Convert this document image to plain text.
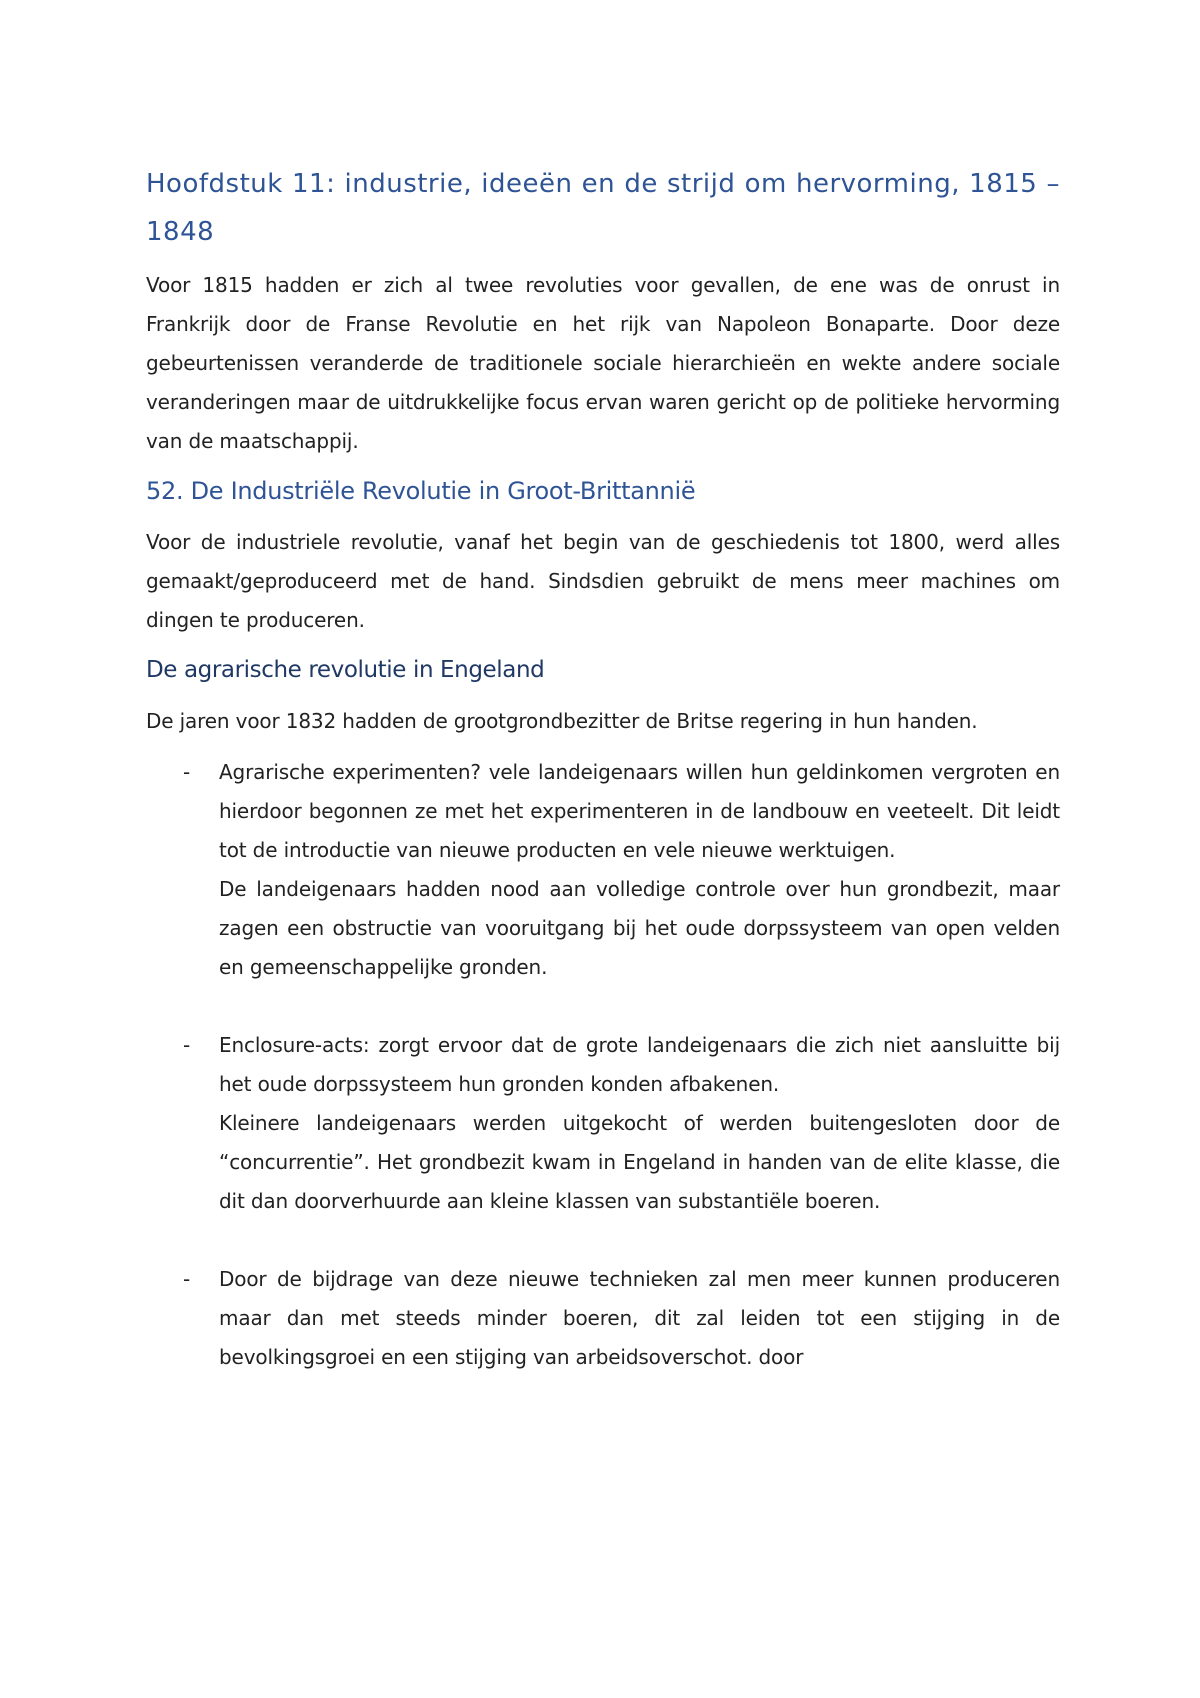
Hoofdstuk 11: industrie, ideeën en de strijd om hervorming, 1815 – 1848
Voor 1815 hadden er zich al twee revoluties voor gevallen, de ene was de onrust in Frankrijk door de Franse Revolutie en het rijk van Napoleon Bonaparte. Door deze gebeurtenissen veranderde de traditionele sociale hierarchieën en wekte andere sociale veranderingen maar de uitdrukkelijke focus ervan waren gericht op de politieke hervorming van de maatschappij.
52. De Industriële Revolutie in Groot-Brittannië
Voor de industriele revolutie, vanaf het begin van de geschiedenis tot 1800, werd alles gemaakt/geproduceerd met de hand. Sindsdien gebruikt de mens meer machines om dingen te produceren.
De agrarische revolutie in Engeland
De jaren voor 1832 hadden de grootgrondbezitter de Britse regering in hun handen.
- Agrarische experimenten? vele landeigenaars willen hun geldinkomen vergroten en hierdoor begonnen ze met het experimenteren in de landbouw en veeteelt. Dit leidt tot de introductie van nieuwe producten en vele nieuwe werktuigen.
De landeigenaars hadden nood aan volledige controle over hun grondbezit, maar zagen een obstructie van vooruitgang bij het oude dorpssysteem van open velden en gemeenschappelijke gronden.
- Enclosure-acts: zorgt ervoor dat de grote landeigenaars die zich niet aansluitte bij het oude dorpssysteem hun gronden konden afbakenen.
Kleinere landeigenaars werden uitgekocht of werden buitengesloten door de “concurrentie”. Het grondbezit kwam in Engeland in handen van de elite klasse, die dit dan doorverhuurde aan kleine klassen van substantiële boeren.
- Door de bijdrage van deze nieuwe technieken zal men meer kunnen produceren maar dan met steeds minder boeren, dit zal leiden tot een stijging in de bevolkingsgroei en een stijging van arbeidsoverschot. door
